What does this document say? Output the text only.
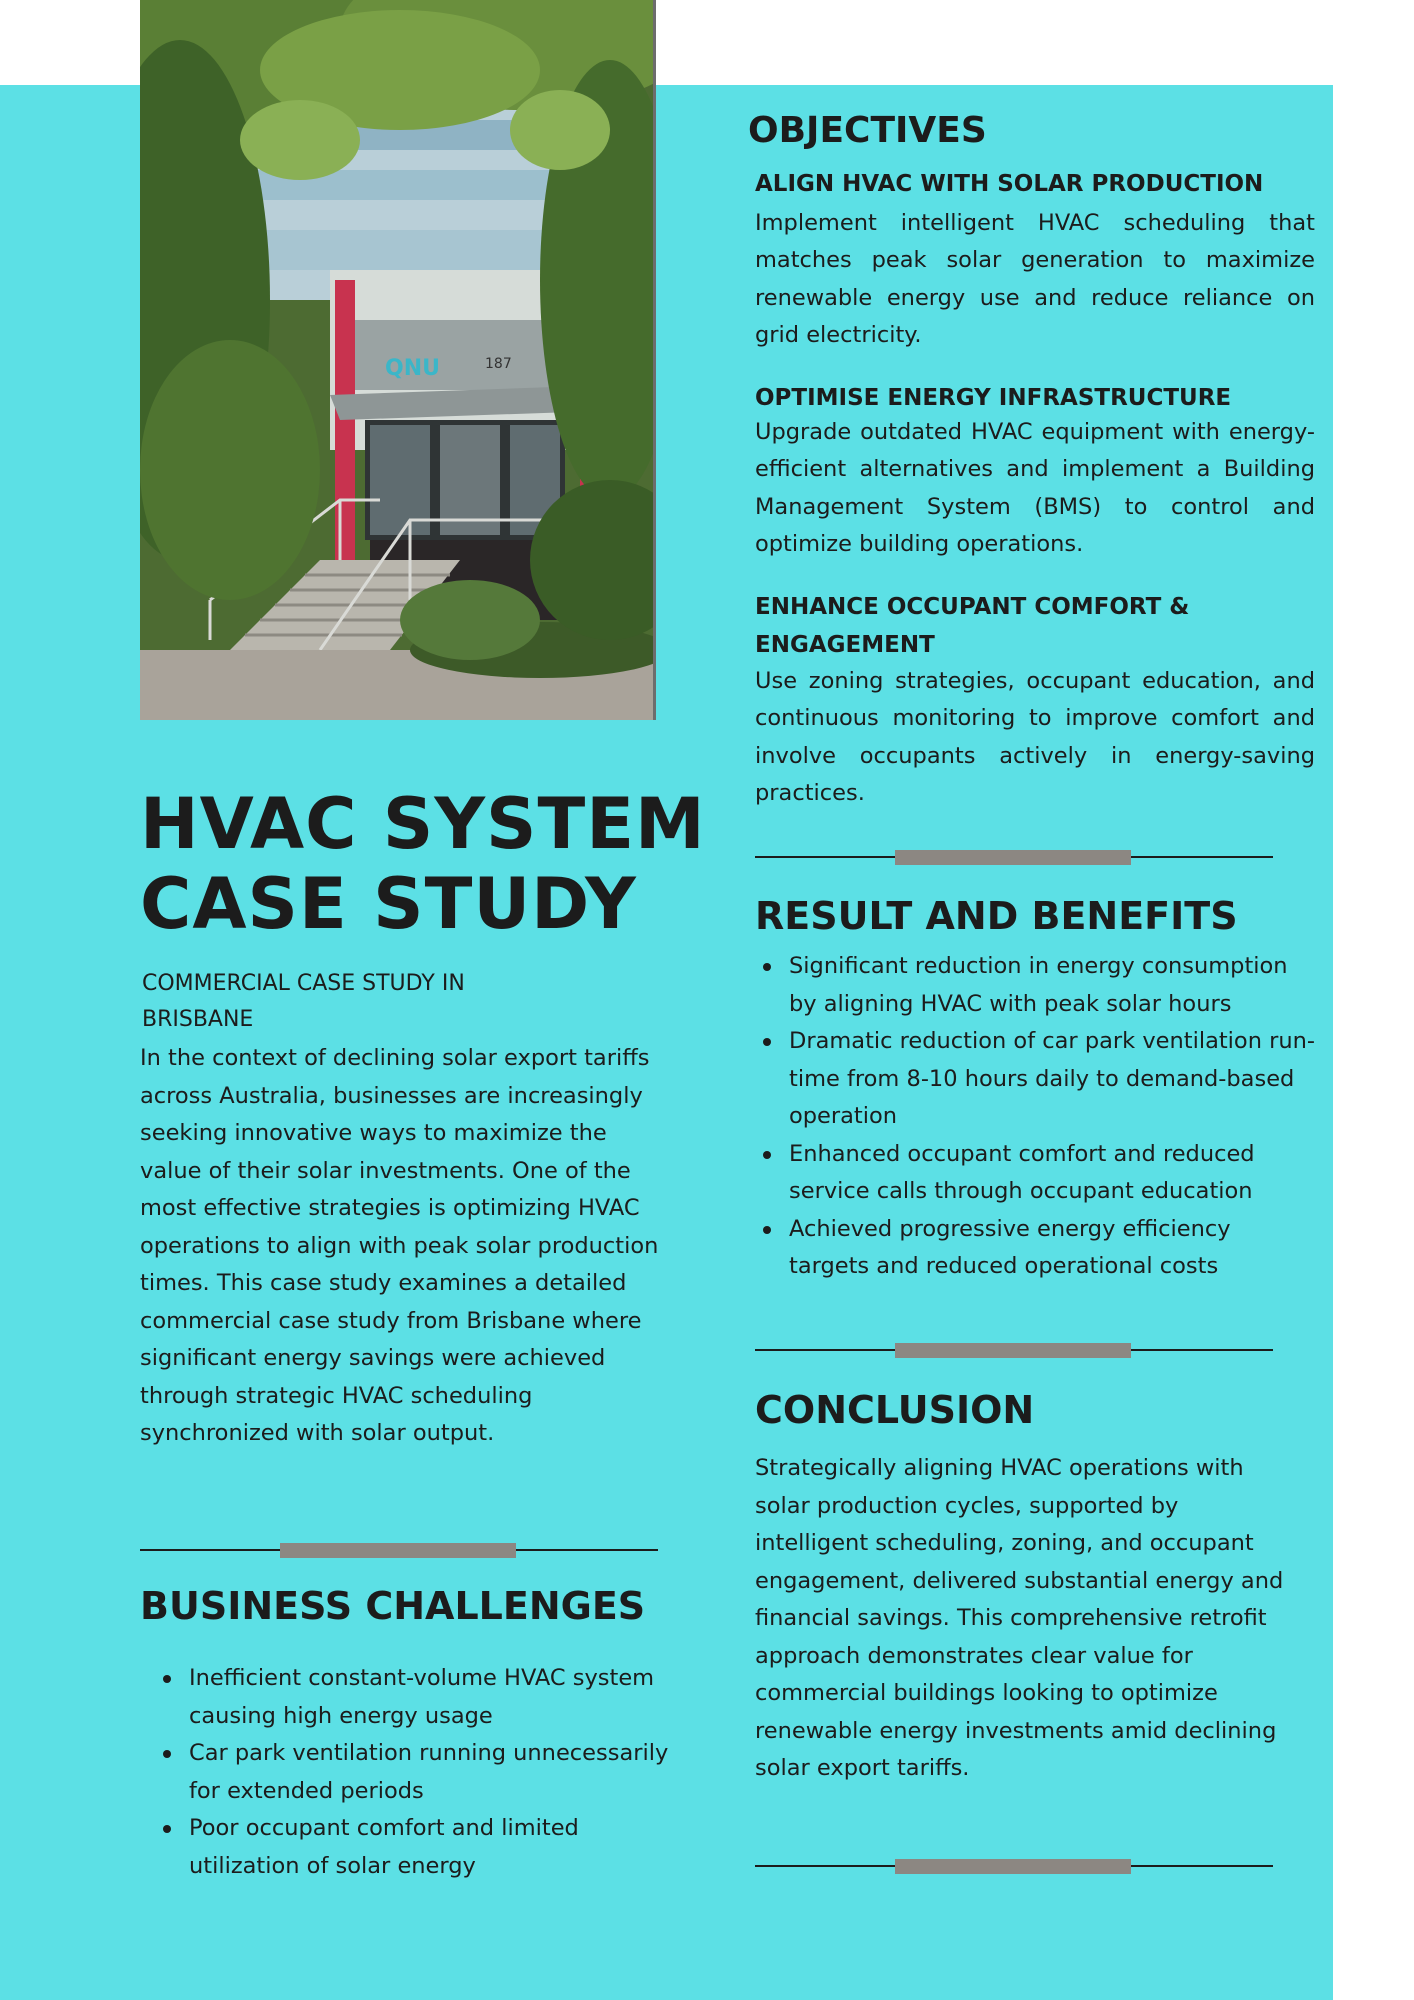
QNU	187
HVAC SYSTEM CASE STUDY
COMMERCIAL CASE STUDY IN BRISBANE

In the context of declining solar export tariffs across Australia, businesses are increasingly seeking innovative ways to maximize the value of their solar investments. One of the most effective strategies is optimizing HVAC operations to align with peak solar production times. This case study examines a detailed commercial case study from Brisbane where significant energy savings were achieved through strategic HVAC scheduling synchronized with solar output.

BUSINESS CHALLENGES
Inefficient constant-volume HVAC system causing high energy usage
Car park ventilation running unnecessarily for extended periods
Poor occupant comfort and limited utilization of solar energy
OBJECTIVES
ALIGN HVAC WITH SOLAR PRODUCTION

Implement intelligent HVAC scheduling that matches peak solar generation to maximize renewable energy use and reduce reliance on grid electricity.

OPTIMISE ENERGY INFRASTRUCTURE

Upgrade outdated HVAC equipment with energy-efficient alternatives and implement a Building Management System (BMS) to control and optimize building operations.

ENHANCE OCCUPANT COMFORT & ENGAGEMENT

Use zoning strategies, occupant education, and continuous monitoring to improve comfort and involve occupants actively in energy-saving practices.

RESULT AND BENEFITS
Significant reduction in energy consumption by aligning HVAC with peak solar hours
Dramatic reduction of car park ventilation run-time from 8-10 hours daily to demand-based operation
Enhanced occupant comfort and reduced service calls through occupant education
Achieved progressive energy efficiency targets and reduced operational costs
CONCLUSION

Strategically aligning HVAC operations with solar production cycles, supported by intelligent scheduling, zoning, and occupant engagement, delivered substantial energy and financial savings. This comprehensive retrofit approach demonstrates clear value for commercial buildings looking to optimize renewable energy investments amid declining solar export tariffs.
